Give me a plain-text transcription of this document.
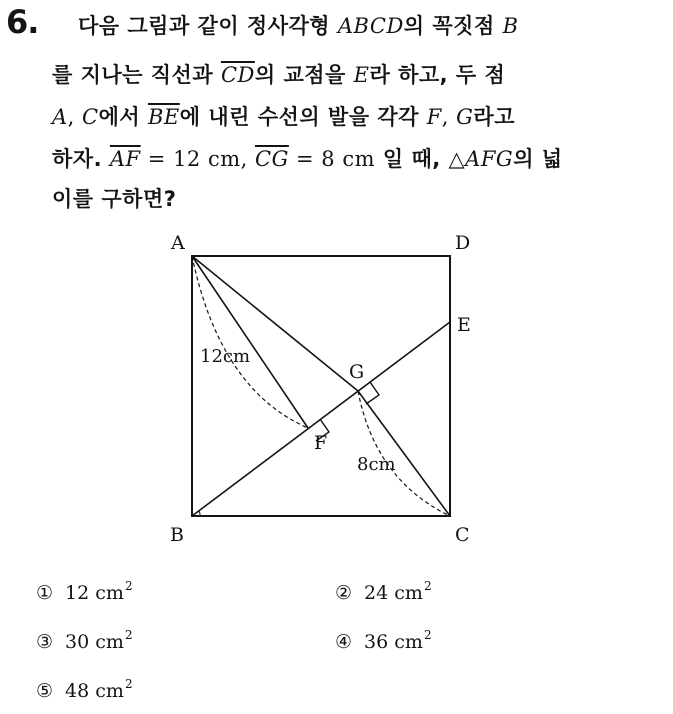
6. 다음 그림과 같이 정사각형 ABCD의 꼭짓점 B
를 지나는 직선과 $\overline{CD}$의 교점을 E라 하고, 두 점
A, C에서 $\overline{BE}$에 내린 수선의 발을 각각 F, G라고
하자. $\overline{AF} = 12$ cm, $\overline{CG} = 8$ cm 일 때, △AFG의 넓
이를 구하면?
A	D
E
G
F
B	C
12cm
8cm
① 12 $cm^2$	② 24 $cm^2$
③ 30 $cm^2$	④ 36 $cm^2$
⑤ 48 $cm^2$
